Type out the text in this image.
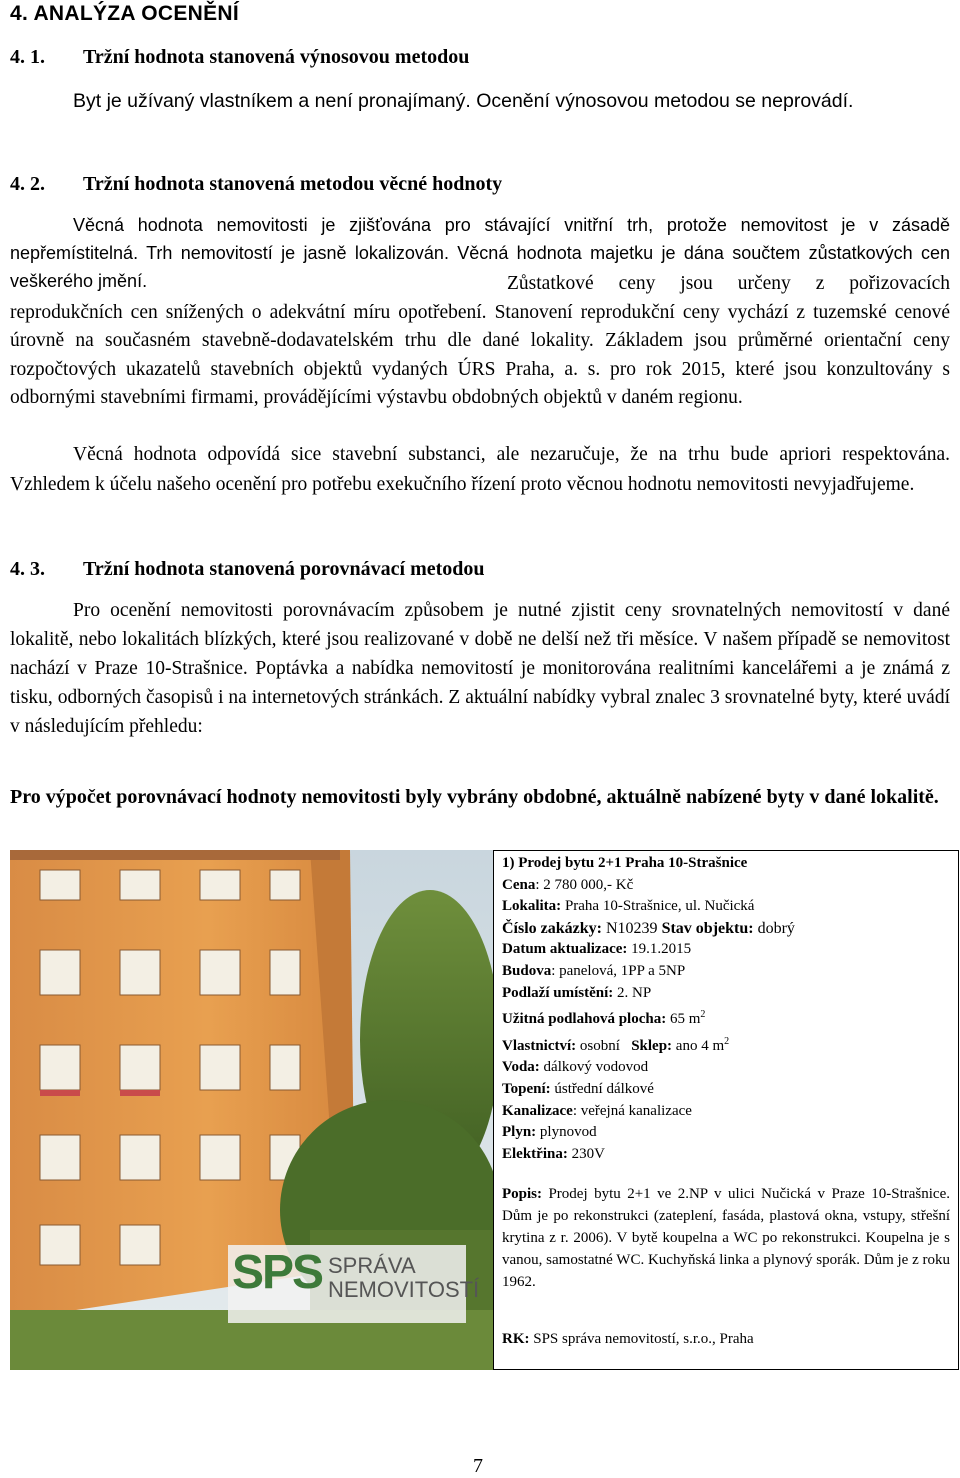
4. ANALÝZA OCENĚNÍ
4. 1. Tržní hodnota stanovená výnosovou metodou
Byt je užívaný vlastníkem a není pronajímaný. Ocenění výnosovou metodou se neprovádí.
4. 2. Tržní hodnota stanovená metodou věcné hodnoty
Věcná hodnota nemovitosti je zjišťována pro stávající vnitřní trh, protože nemovitost je v zásadě nepřemístitelná. Trh nemovitostí je jasně lokalizován. Věcná hodnota majetku je dána součtem zůstatkových cen veškerého jmění.	Zůstatkové ceny jsou určeny z pořizovacích reprodukčních cen snížených o adekvátní míru opotřebení. Stanovení reprodukční ceny vychází z tuzemské cenové úrovně na současném stavebně-dodavatelském trhu dle dané lokality. Základem jsou průměrné orientační ceny rozpočtových ukazatelů stavebních objektů vydaných ÚRS Praha, a. s. pro rok 2015, které jsou konzultovány s odbornými stavebními firmami, provádějícími výstavbu obdobných objektů v daném regionu.
Věcná hodnota odpovídá sice stavební substanci, ale nezaručuje, že na trhu bude apriori respektována. Vzhledem k účelu našeho ocenění pro potřebu exekučního řízení proto věcnou hodnotu nemovitosti nevyjadřujeme.
4. 3. Tržní hodnota stanovená porovnávací metodou
Pro ocenění nemovitosti porovnávacím způsobem je nutné zjistit ceny srovnatelných nemovitostí v dané lokalitě, nebo lokalitách blízkých, které jsou realizované v době ne delší než tři měsíce. V našem případě se nemovitost nachází v Praze 10-Strašnice. Poptávka a nabídka nemovitostí je monitorována realitními kancelářemi a je známá z tisku, odborných časopisů i na internetových stránkách. Z aktuální nabídky vybral znalec 3 srovnatelné byty, které uvádí v následujícím přehledu:
Pro výpočet porovnávací hodnoty nemovitosti byly vybrány obdobné, aktuálně nabízené byty v dané lokalitě.
SPS SPRÁVA
NEMOVITOSTÍ
1) Prodej bytu 2+1 Praha 10-Strašnice
Cena: 2 780 000,- Kč
Lokalita: Praha 10-Strašnice, ul. Nučická
Číslo zakázky: N10239 Stav objektu: dobrý
Datum aktualizace: 19.1.2015
Budova: panelová, 1PP a 5NP
Podlaží umístění: 2. NP
Užitná podlahová plocha: 65 $m^2$
Vlastnictví: osobní   Sklep: ano 4 $m^2$
Voda: dálkový vodovod
Topení: ústřední dálkové
Kanalizace: veřejná kanalizace
Plyn: plynovod
Elektřina: 230V
Popis: Prodej bytu 2+1 ve 2.NP v ulici Nučická v Praze 10-Strašnice. Dům je po rekonstrukci (zateplení, fasáda, plastová okna, vstupy, střešní krytina z r. 2006). V bytě koupelna a WC po rekonstrukci. Koupelna je s vanou, samostatné WC. Kuchyňská linka a plynový sporák. Dům je z roku 1962.
RK: SPS správa nemovitostí, s.r.o., Praha
7
